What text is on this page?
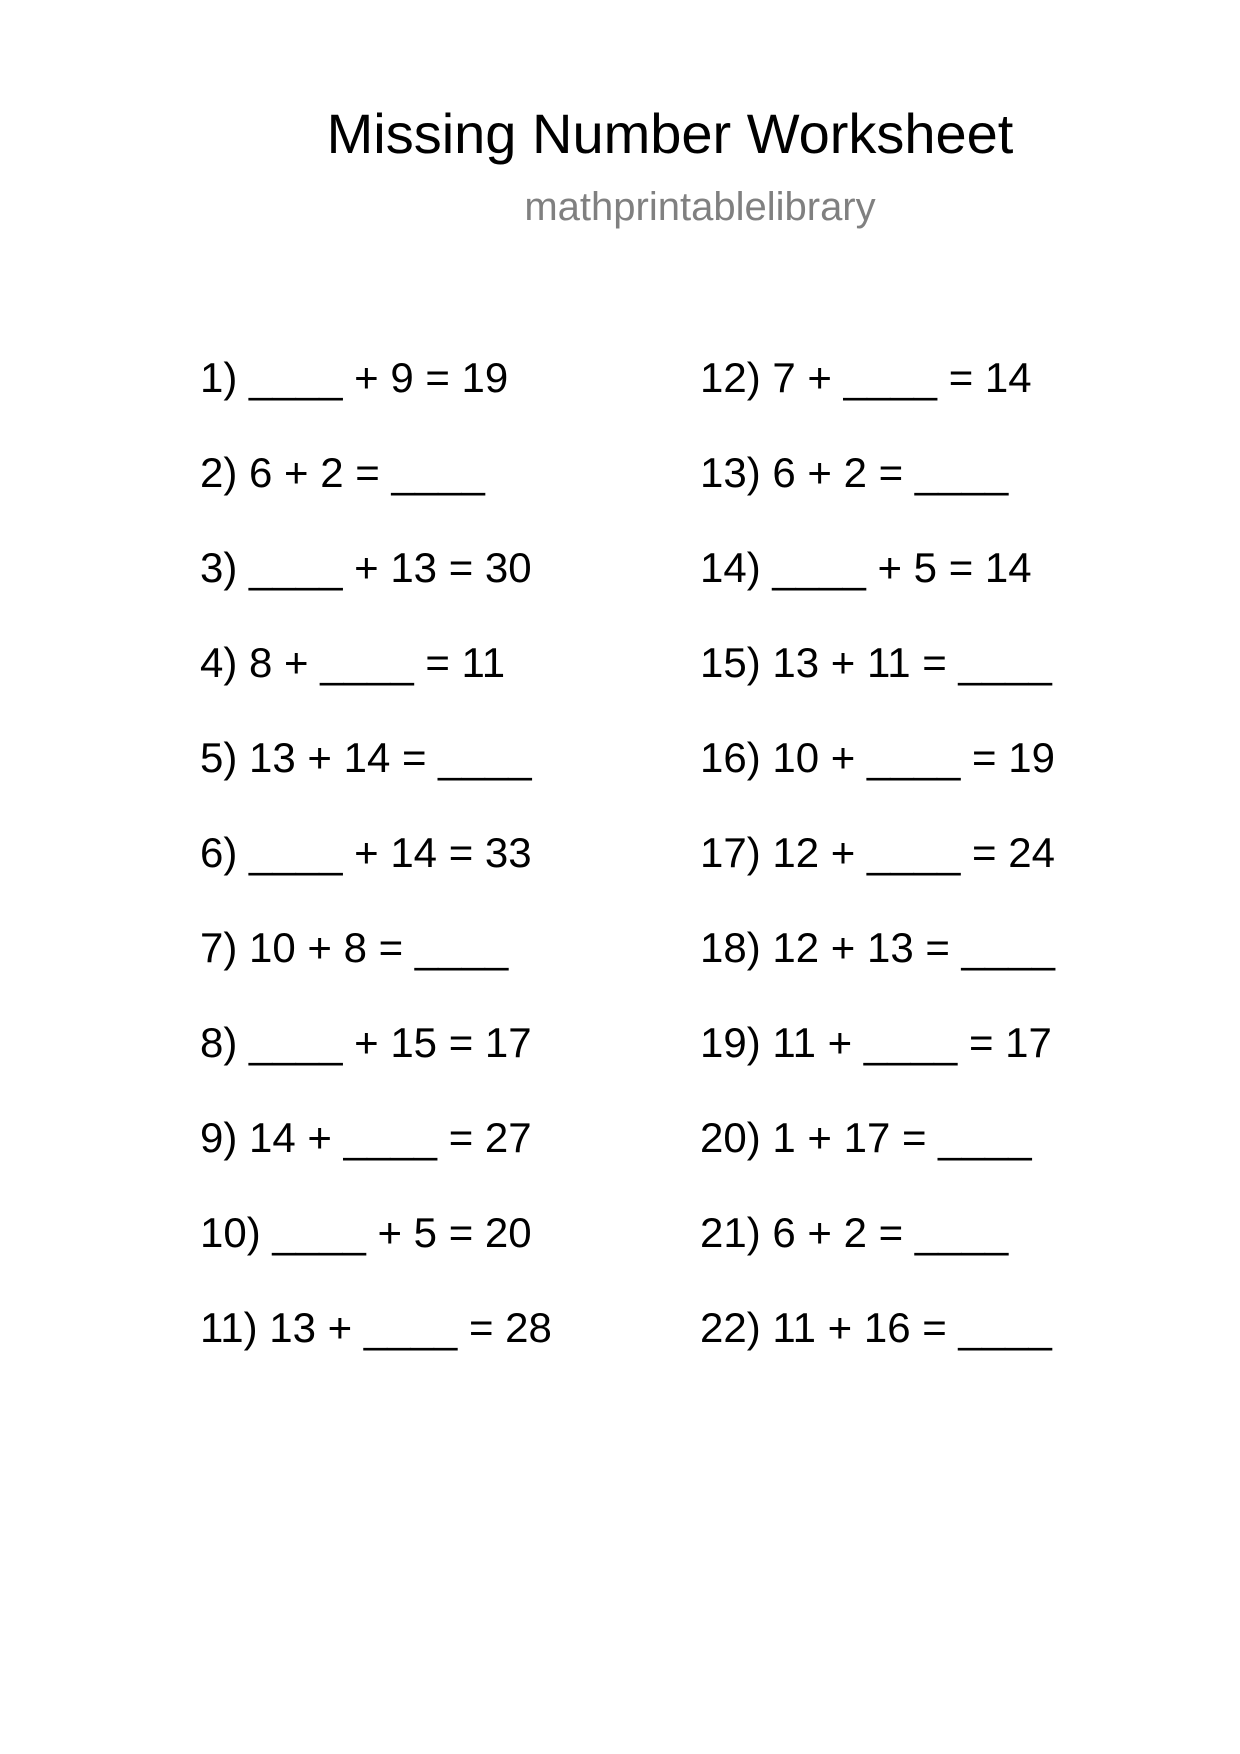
Missing Number Worksheet
mathprintablelibrary
1) ____ + 9 = 19
2) 6 + 2 = ____
3) ____ + 13 = 30
4) 8 + ____ = 11
5) 13 + 14 = ____
6) ____ + 14 = 33
7) 10 + 8 = ____
8) ____ + 15 = 17
9) 14 + ____ = 27
10) ____ + 5 = 20
11) 13 + ____ = 28
12) 7 + ____ = 14
13) 6 + 2 = ____
14) ____ + 5 = 14
15) 13 + 11 = ____
16) 10 + ____ = 19
17) 12 + ____ = 24
18) 12 + 13 = ____
19) 11 + ____ = 17
20) 1 + 17 = ____
21) 6 + 2 = ____
22) 11 + 16 = ____
